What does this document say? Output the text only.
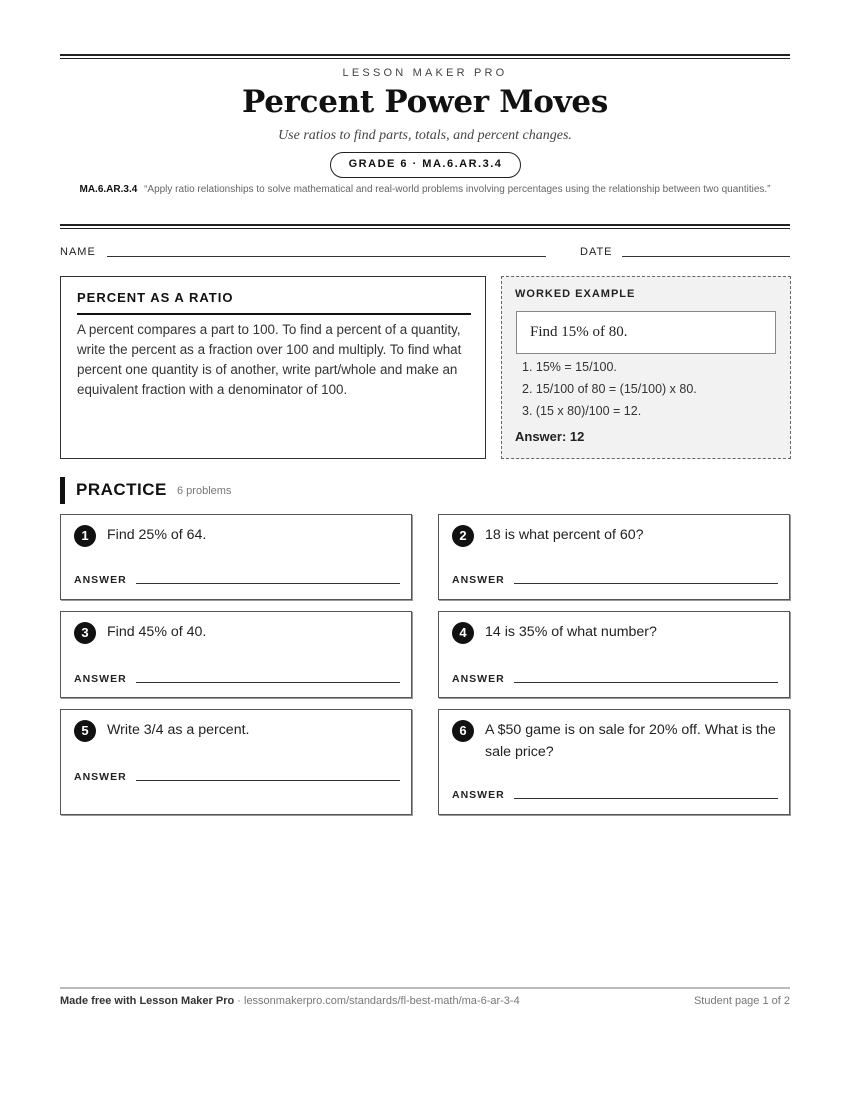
LESSON MAKER PRO
Percent Power Moves
Use ratios to find parts, totals, and percent changes.
GRADE 6 · MA.6.AR.3.4
MA.6.AR.3.4 “Apply ratio relationships to solve mathematical and real-world problems involving percentages using the relationship between two quantities.”
NAME	DATE
PERCENT AS A RATIO

A percent compares a part to 100. To find a percent of a quantity, write the percent as a fraction over 100 and multiply. To find what percent one quantity is of another, write part/whole and make an equivalent fraction with a denominator of 100.

WORKED EXAMPLE
Find 15% of 80.
1. 15% = 15/100.
2. 15/100 of 80 = (15/100) x 80.
3. (15 x 80)/100 = 12.
Answer: 12
PRACTICE 6 problems
1	Find 25% of 64.
ANSWER
2	18 is what percent of 60?
ANSWER
3	Find 45% of 40.
ANSWER
4	14 is 35% of what number?
ANSWER
5	Write 3/4 as a percent.
ANSWER
6	A $50 game is on sale for 20% off. What is the sale price?
ANSWER
Made free with Lesson Maker Pro · lessonmakerpro.com/standards/fl-best-math/ma-6-ar-3-4	Student page 1 of 2
